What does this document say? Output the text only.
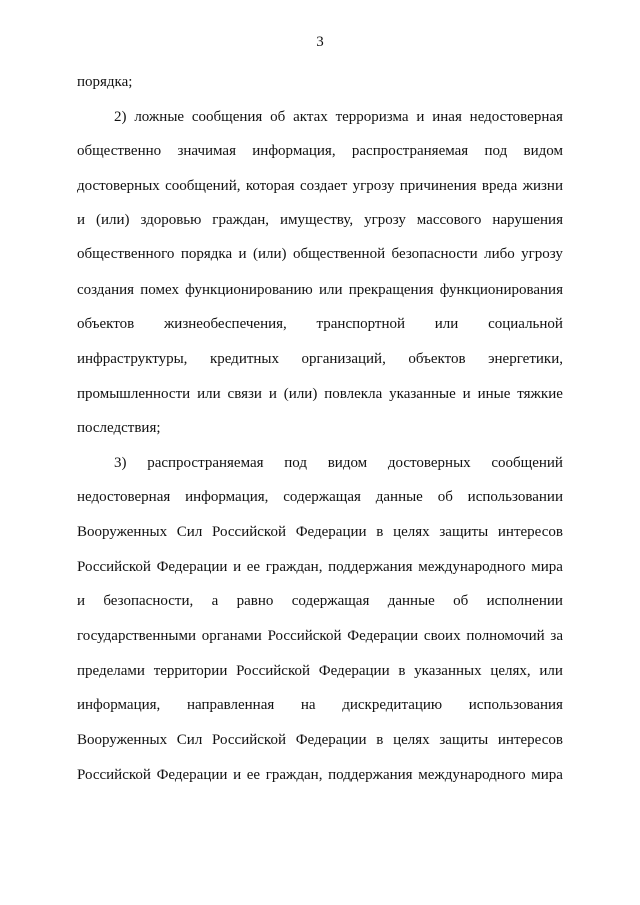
3
порядка;
2) ложные сообщения об актах терроризма и иная недостоверная
общественно значимая информация, распространяемая под видом
достоверных сообщений, которая создает угрозу причинения вреда жизни
и (или) здоровью граждан, имуществу, угрозу массового нарушения
общественного порядка и (или) общественной безопасности либо угрозу
создания помех функционированию или прекращения функционирования
объектов жизнеобеспечения, транспортной или социальной
инфраструктуры, кредитных организаций, объектов энергетики,
промышленности или связи и (или) повлекла указанные и иные тяжкие
последствия;
3) распространяемая под видом достоверных сообщений
недостоверная информация, содержащая данные об использовании
Вооруженных Сил Российской Федерации в целях защиты интересов
Российской Федерации и ее граждан, поддержания международного мира
и безопасности, а равно содержащая данные об исполнении
государственными органами Российской Федерации своих полномочий за
пределами территории Российской Федерации в указанных целях, или
информация, направленная на дискредитацию использования
Вооруженных Сил Российской Федерации в целях защиты интересов
Российской Федерации и ее граждан, поддержания международного мира
